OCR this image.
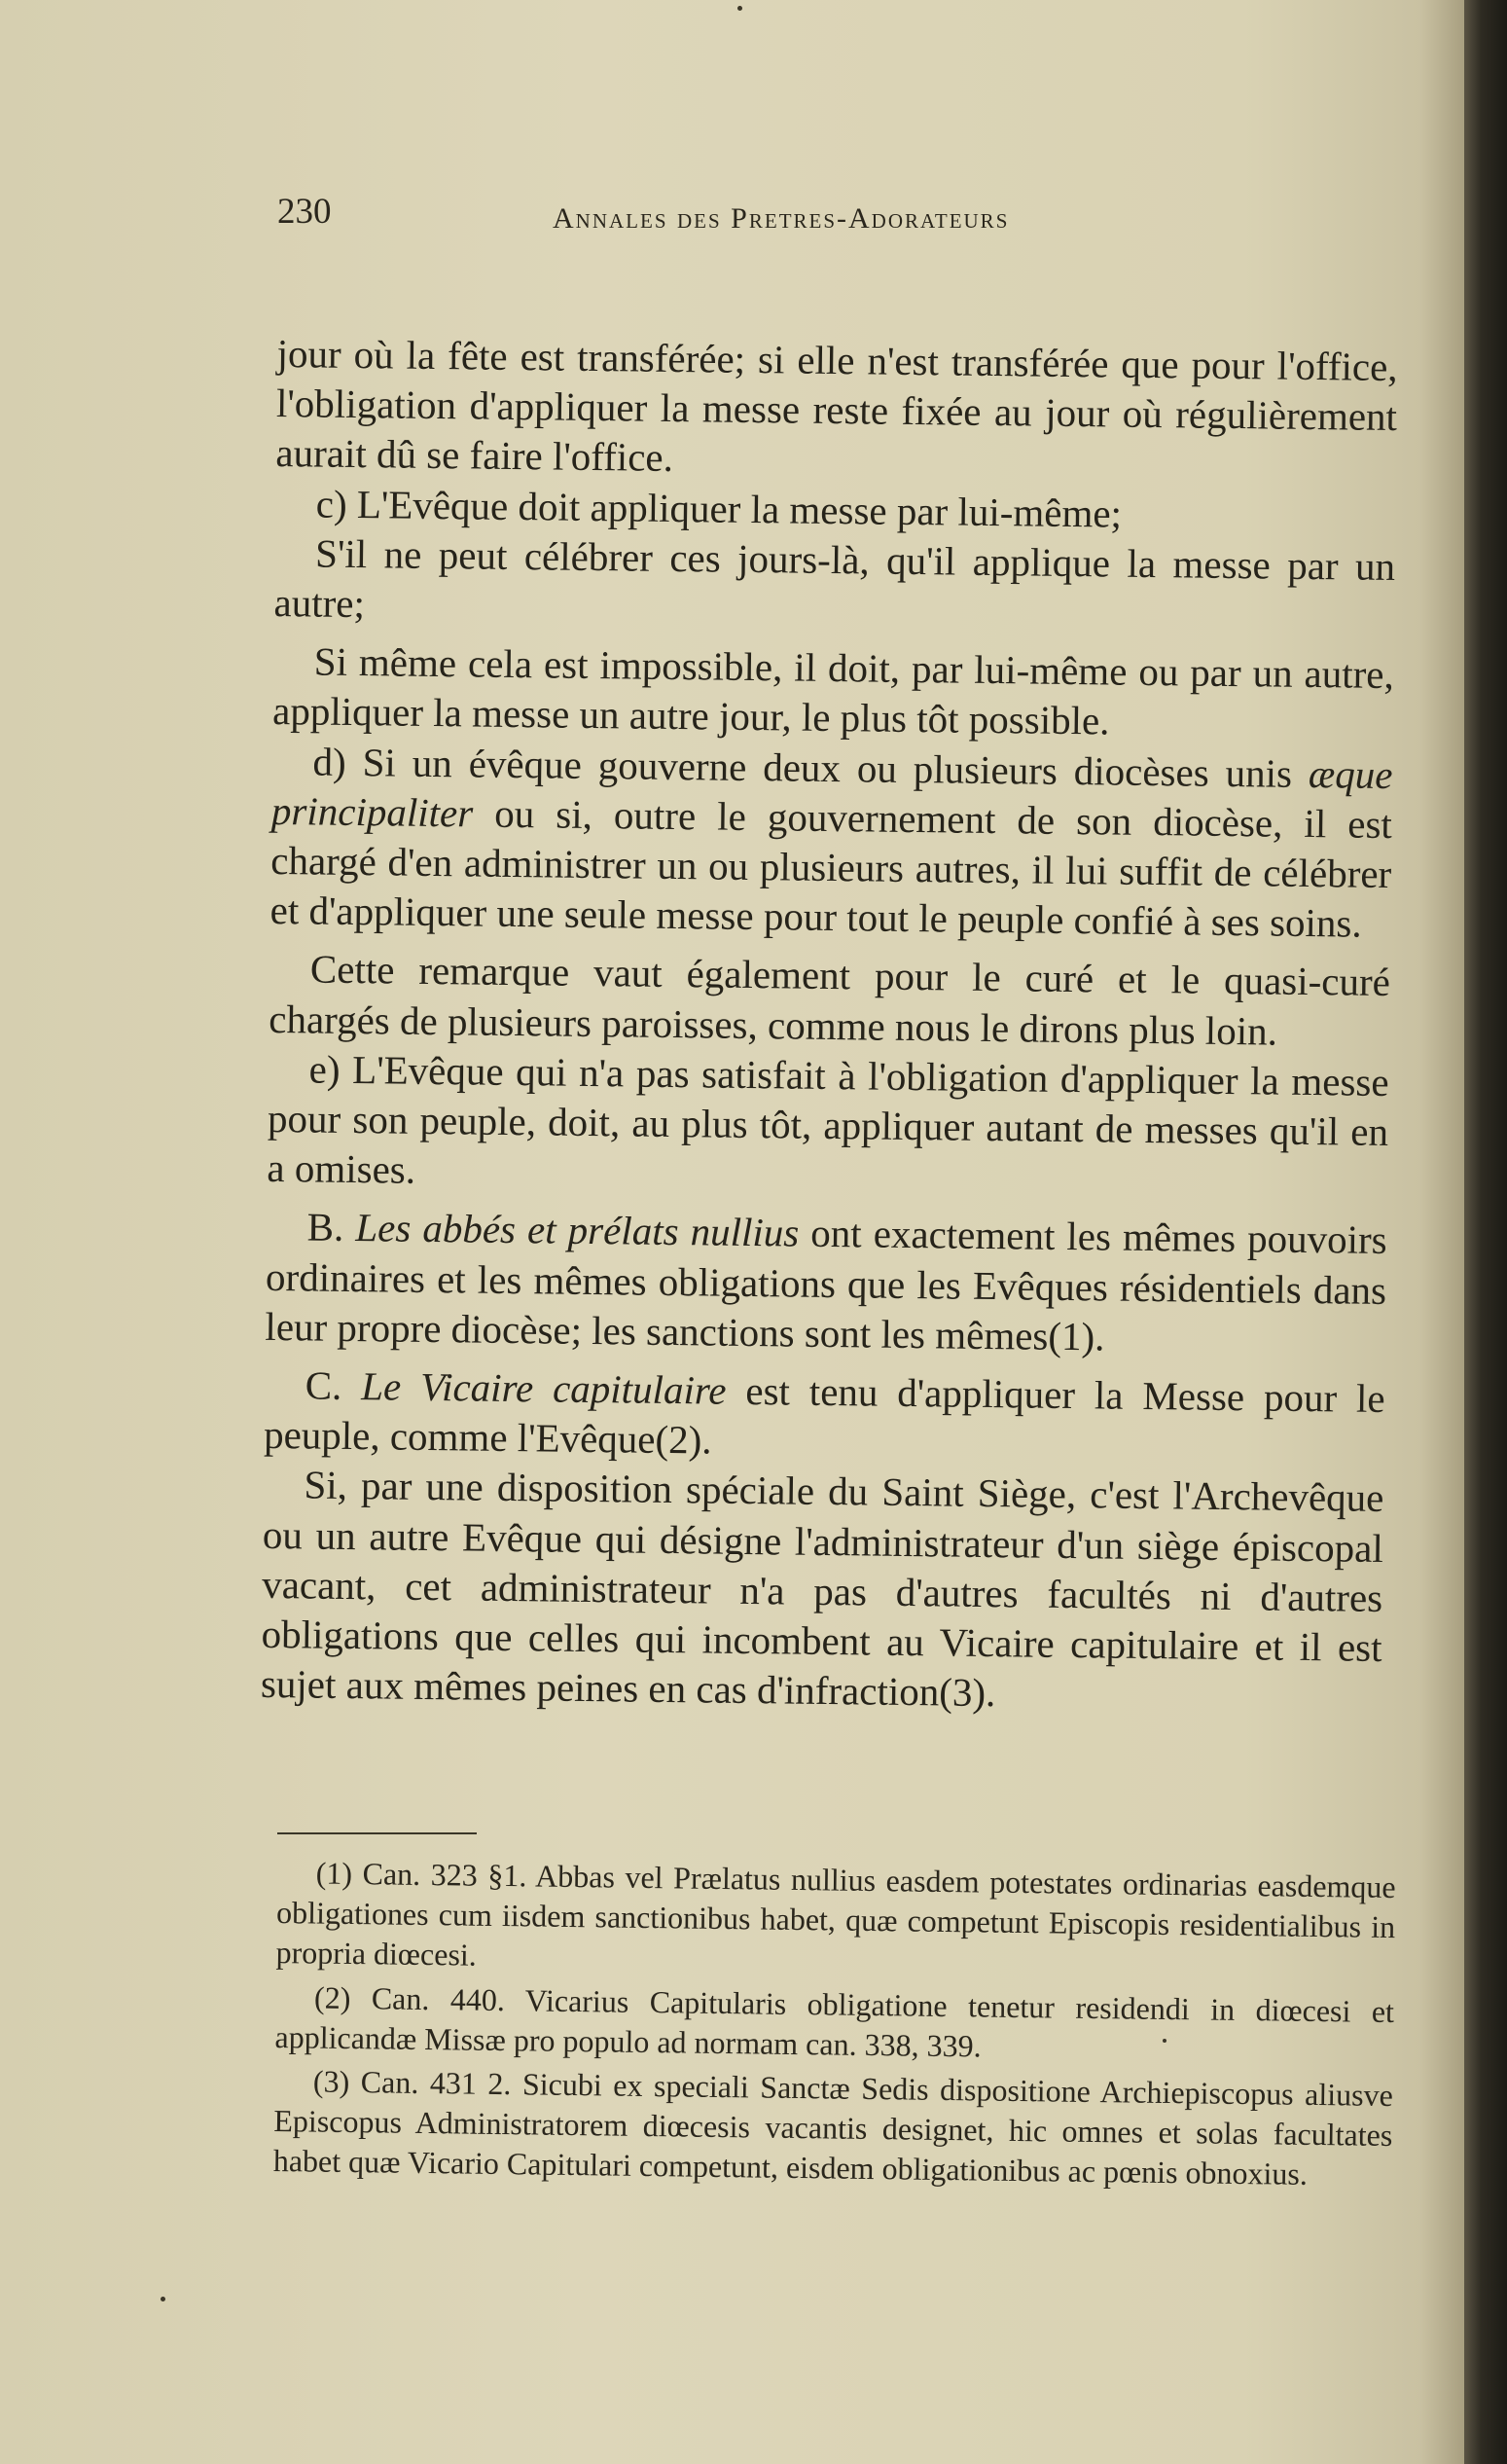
230	Annales des Pretres-Adorateurs

jour où la fête est transférée; si elle n'est transférée que pour l'office, l'obligation d'appliquer la messe reste fixée au jour où régulièrement aurait dû se faire l'office.

c) L'Evêque doit appliquer la messe par lui-même;

S'il ne peut célébrer ces jours-là, qu'il applique la messe par un autre;

Si même cela est impossible, il doit, par lui-même ou par un autre, appliquer la messe un autre jour, le plus tôt possible.

d) Si un évêque gouverne deux ou plusieurs diocèses unis æque principaliter ou si, outre le gouvernement de son diocèse, il est chargé d'en administrer un ou plusieurs autres, il lui suffit de célébrer et d'appliquer une seule messe pour tout le peuple confié à ses soins.

Cette remarque vaut également pour le curé et le quasi-curé chargés de plusieurs paroisses, comme nous le dirons plus loin.

e) L'Evêque qui n'a pas satisfait à l'obligation d'appliquer la messe pour son peuple, doit, au plus tôt, appliquer autant de messes qu'il en a omises.

B. Les abbés et prélats nullius ont exactement les mêmes pouvoirs ordinaires et les mêmes obligations que les Evêques résidentiels dans leur propre diocèse; les sanctions sont les mêmes(1).

C. Le Vicaire capitulaire est tenu d'appliquer la Messe pour le peuple, comme l'Evêque(2).

Si, par une disposition spéciale du Saint Siège, c'est l'Archevêque ou un autre Evêque qui désigne l'administrateur d'un siège épiscopal vacant, cet administrateur n'a pas d'autres facultés ni d'autres obligations que celles qui incombent au Vicaire capitulaire et il est sujet aux mêmes peines en cas d'infraction(3).

(1) Can. 323 §1. Abbas vel Prælatus nullius easdem potestates ordinarias easdemque obligationes cum iisdem sanctionibus habet, quæ competunt Episcopis residentialibus in propria diœcesi.

(2) Can. 440. Vicarius Capitularis obligatione tenetur residendi in diœcesi et applicandæ Missæ pro populo ad normam can. 338, 339.

(3) Can. 431 2. Sicubi ex speciali Sanctæ Sedis dispositione Archiepiscopus aliusve Episcopus Administratorem diœcesis vacantis designet, hic omnes et solas facultates habet quæ Vicario Capitulari competunt, eisdem obligationibus ac pœnis obnoxius.
